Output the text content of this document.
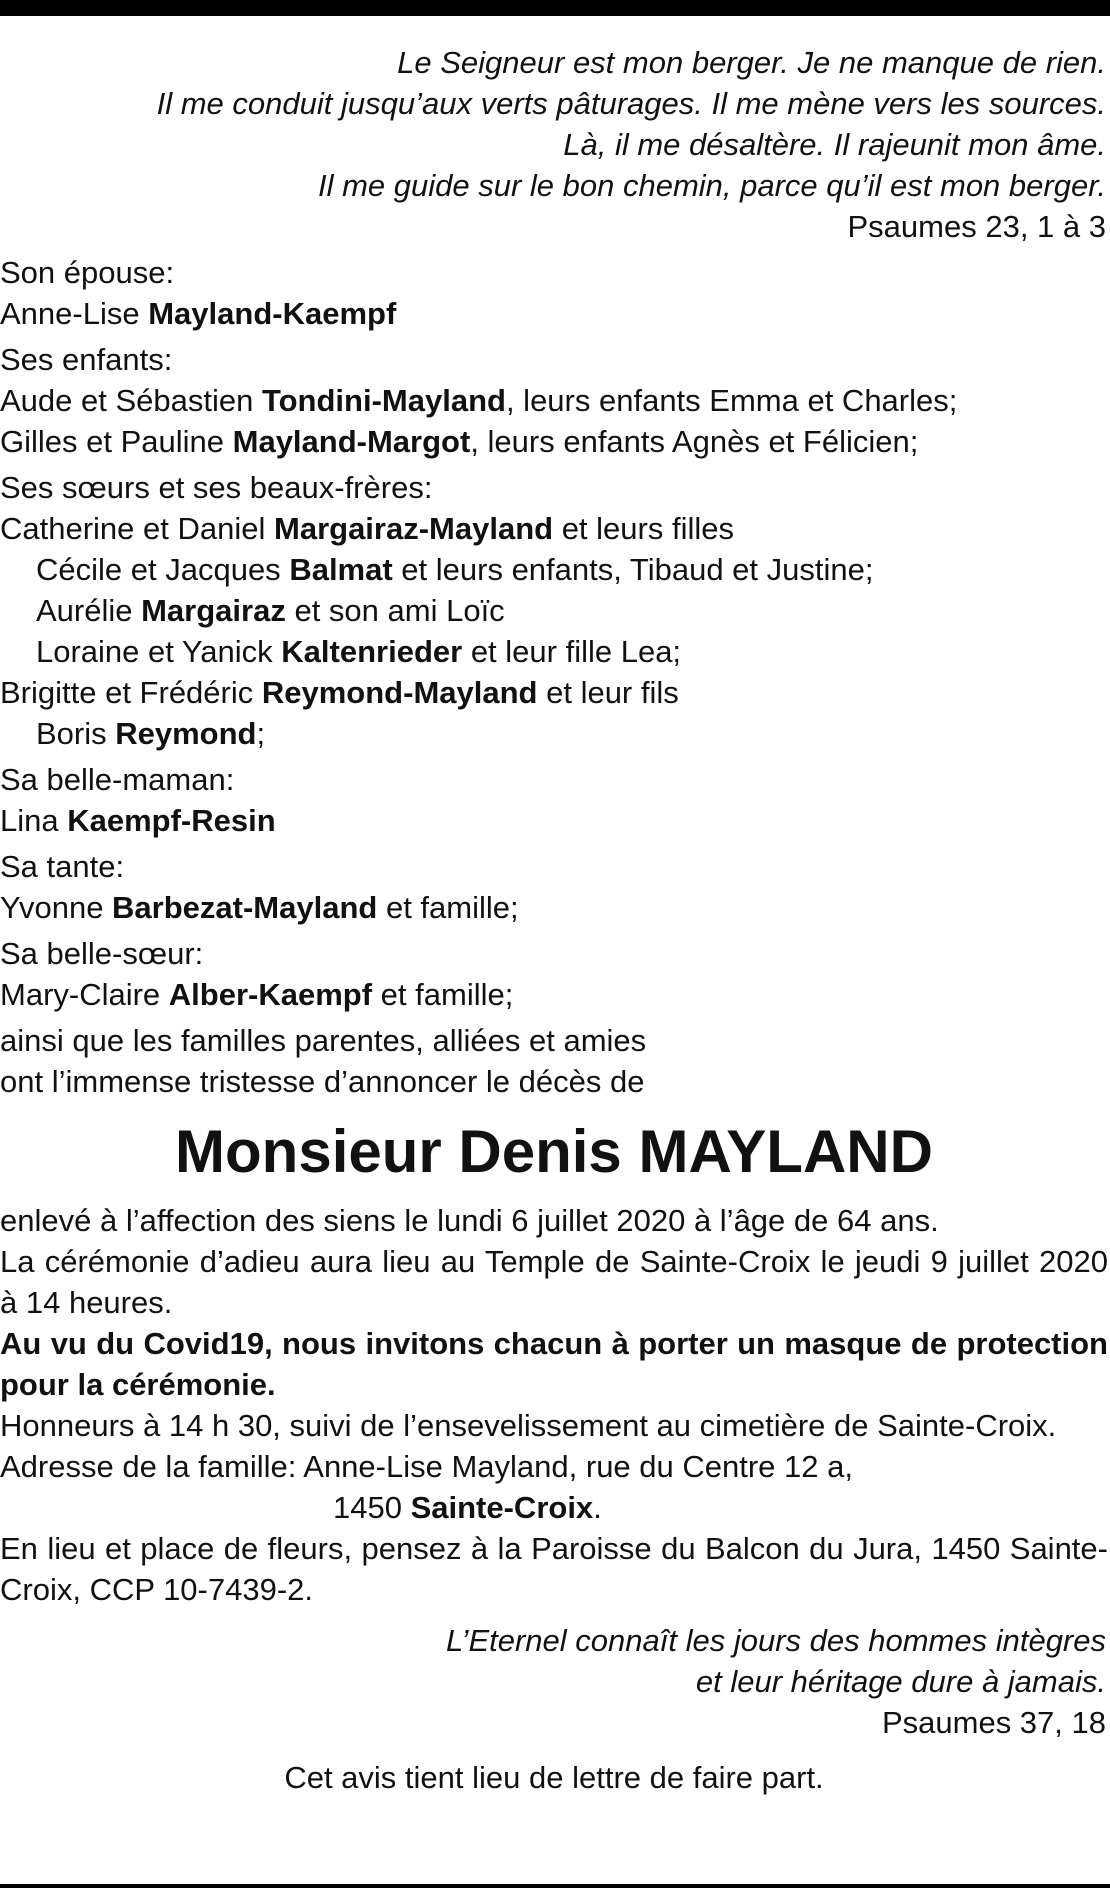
Le Seigneur est mon berger. Je ne manque de rien.
Il me conduit jusqu’aux verts pâturages. Il me mène vers les sources.
Là, il me désaltère. Il rajeunit mon âme.
Il me guide sur le bon chemin, parce qu’il est mon berger.
Psaumes 23, 1 à 3
Son épouse:
Anne-Lise Mayland-Kaempf
Ses enfants:
Aude et Sébastien Tondini-Mayland, leurs enfants Emma et Charles;
Gilles et Pauline Mayland-Margot, leurs enfants Agnès et Félicien;
Ses sœurs et ses beaux-frères:
Catherine et Daniel Margairaz-Mayland et leurs filles
Cécile et Jacques Balmat et leurs enfants, Tibaud et Justine;
Aurélie Margairaz et son ami Loïc
Loraine et Yanick Kaltenrieder et leur fille Lea;
Brigitte et Frédéric Reymond-Mayland et leur fils
Boris Reymond;
Sa belle-maman:
Lina Kaempf-Resin
Sa tante:
Yvonne Barbezat-Mayland et famille;
Sa belle-sœur:
Mary-Claire Alber-Kaempf et famille;
ainsi que les familles parentes, alliées et amies
ont l’immense tristesse d’annoncer le décès de
Monsieur Denis MAYLAND
enlevé à l’affection des siens le lundi 6 juillet 2020 à l’âge de 64 ans.
La cérémonie d’adieu aura lieu au Temple de Sainte-Croix le jeudi 9 juillet 2020 à 14 heures.
Au vu du Covid19, nous invitons chacun à porter un masque de protection pour la cérémonie.
Honneurs à 14 h 30, suivi de l’ensevelissement au cimetière de Sainte-Croix.
Adresse de la famille: Anne-Lise Mayland, rue du Centre 12 a,
1450 Sainte-Croix.
En lieu et place de fleurs, pensez à la Paroisse du Balcon du Jura, 1450 Sainte-Croix, CCP 10-7439-2.
L’Eternel connaît les jours des hommes intègres
et leur héritage dure à jamais.
Psaumes 37, 18
Cet avis tient lieu de lettre de faire part.
